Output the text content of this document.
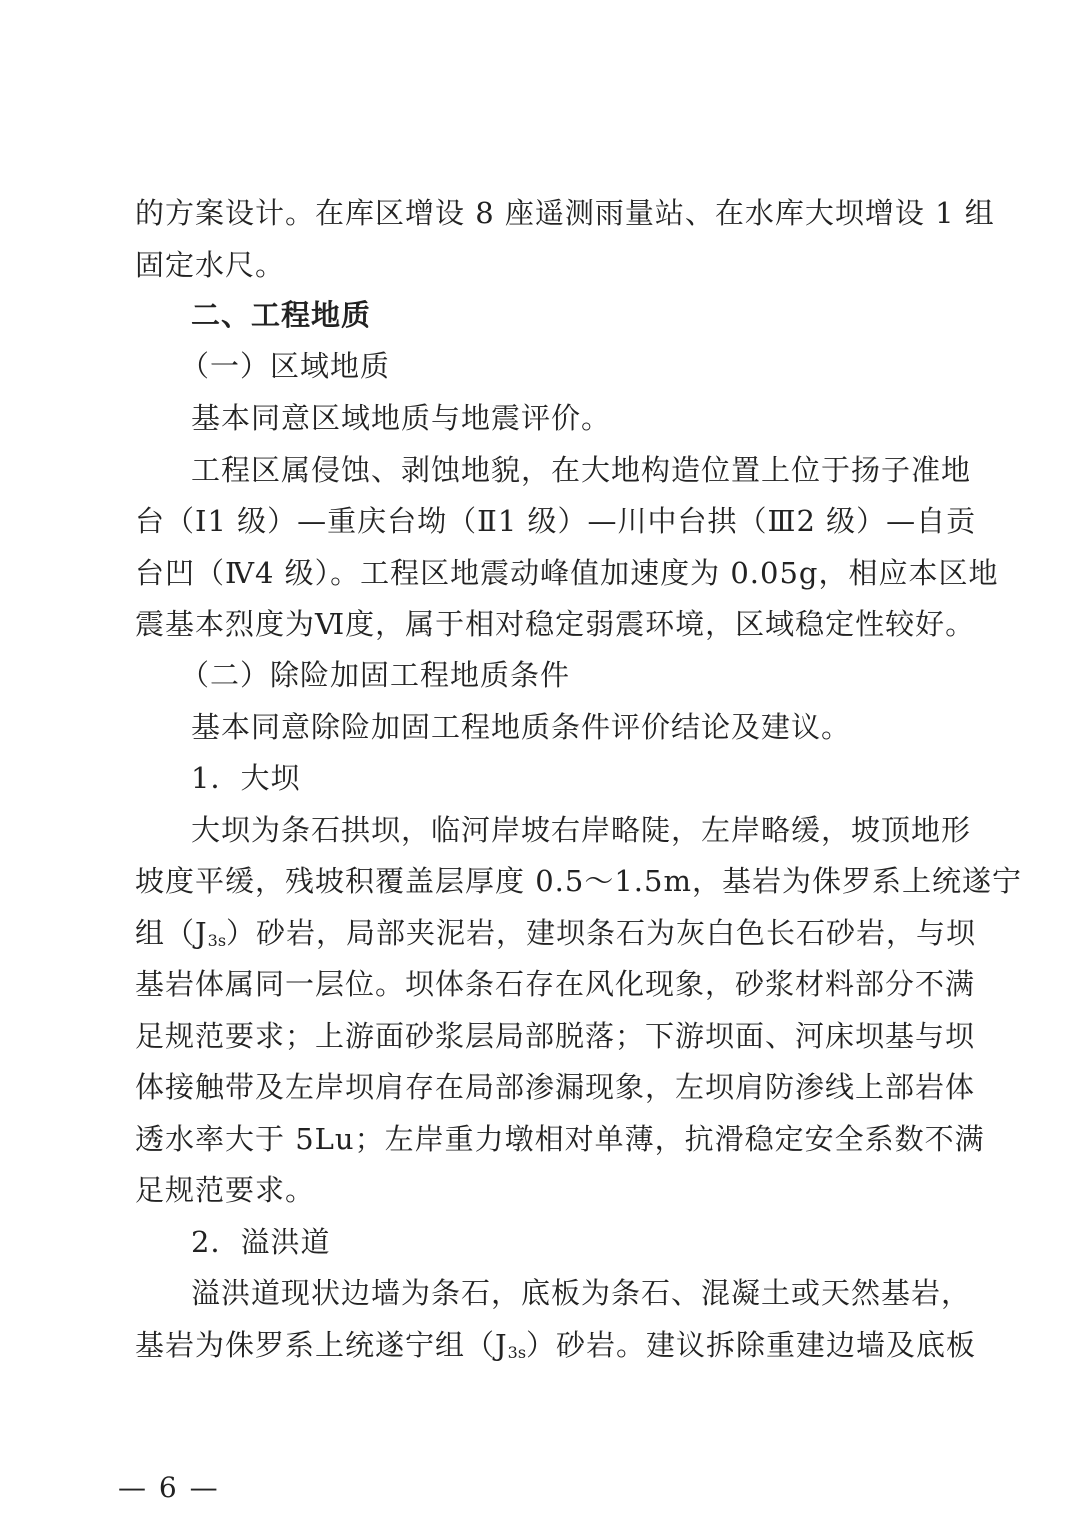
的方案设计。在库区增设 8 座遥测雨量站、在水库大坝增设 1 组
固定水尺。
二、工程地质
（一）区域地质
基本同意区域地质与地震评价。
工程区属侵蚀、剥蚀地貌，在大地构造位置上位于扬子准地
台（Ⅰ1 级）—重庆台坳（Ⅱ1 级）—川中台拱（Ⅲ2 级）—自贡
台凹（Ⅳ4 级）。工程区地震动峰值加速度为 0.05g，相应本区地
震基本烈度为Ⅵ度，属于相对稳定弱震环境，区域稳定性较好。
（二）除险加固工程地质条件
基本同意除险加固工程地质条件评价结论及建议。
1．大坝
大坝为条石拱坝，临河岸坡右岸略陡，左岸略缓，坡顶地形
坡度平缓，残坡积覆盖层厚度 0.5～1.5m，基岩为侏罗系上统遂宁
组$(J_{3s})$砂岩，局部夹泥岩，建坝条石为灰白色长石砂岩，与坝
基岩体属同一层位。坝体条石存在风化现象，砂浆材料部分不满
足规范要求；上游面砂浆层局部脱落；下游坝面、河床坝基与坝
体接触带及左岸坝肩存在局部渗漏现象，左坝肩防渗线上部岩体
透水率大于 5Lu；左岸重力墩相对单薄，抗滑稳定安全系数不满
足规范要求。
2．溢洪道
溢洪道现状边墙为条石，底板为条石、混凝土或天然基岩，
基岩为侏罗系上统遂宁组$(J_{3s})$砂岩。建议拆除重建边墙及底板
— 6 —
